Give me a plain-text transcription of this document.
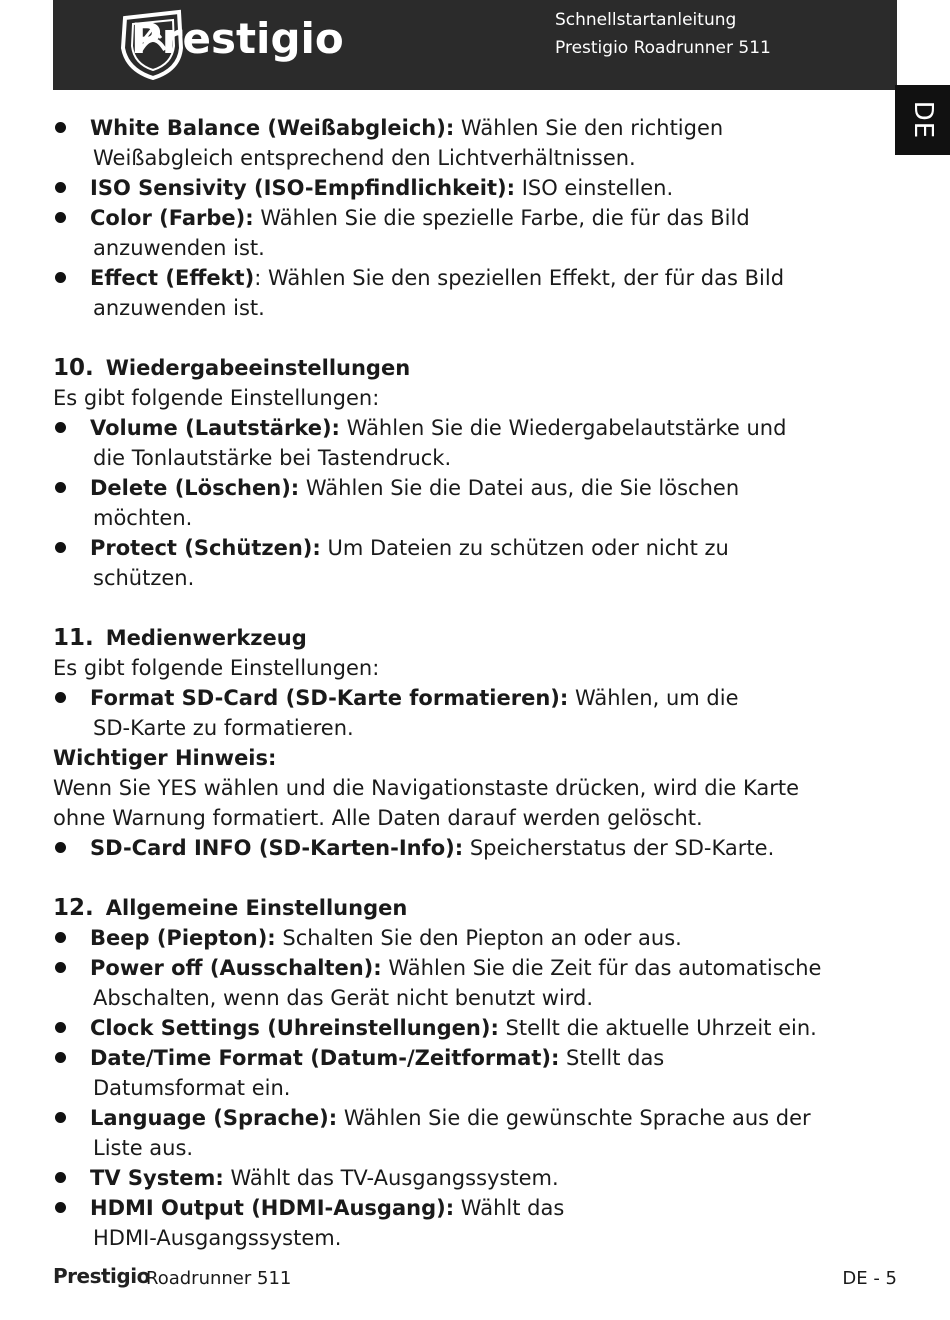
Prestigio	Schnellstartanleitung
Prestigio Roadrunner 511
DE

White Balance (Weißabgleich): Wählen Sie den richtigen
Weißabgleich entsprechend den Lichtverhältnissen.

ISO Sensivity (ISO-Empfindlichkeit): ISO einstellen.

Color (Farbe): Wählen Sie die spezielle Farbe, die für das Bild
anzuwenden ist.

Effect (Effekt): Wählen Sie den speziellen Effekt, der für das Bild
anzuwenden ist.

10. Wiedergabeeinstellungen

Es gibt folgende Einstellungen:

Volume (Lautstärke): Wählen Sie die Wiedergabelautstärke und
die Tonlautstärke bei Tastendruck.

Delete (Löschen): Wählen Sie die Datei aus, die Sie löschen
möchten.

Protect (Schützen): Um Dateien zu schützen oder nicht zu
schützen.

11. Medienwerkzeug

Es gibt folgende Einstellungen:

Format SD-Card (SD-Karte formatieren): Wählen, um die
SD-Karte zu formatieren.

Wichtiger Hinweis:

Wenn Sie YES wählen und die Navigationstaste drücken, wird die Karte

ohne Warnung formatiert. Alle Daten darauf werden gelöscht.

SD-Card INFO (SD-Karten-Info): Speicherstatus der SD-Karte.

12. Allgemeine Einstellungen

Beep (Piepton): Schalten Sie den Piepton an oder aus.

Power off (Ausschalten): Wählen Sie die Zeit für das automatische
Abschalten, wenn das Gerät nicht benutzt wird.

Clock Settings (Uhreinstellungen): Stellt die aktuelle Uhrzeit ein.

Date/Time Format (Datum-/Zeitformat): Stellt das
Datumsformat ein.

Language (Sprache): Wählen Sie die gewünschte Sprache aus der
Liste aus.

TV System: Wählt das TV-Ausgangssystem.

HDMI Output (HDMI-Ausgang): Wählt das
HDMI-Ausgangssystem.

Prestigio
Roadrunner 511	DE - 5
